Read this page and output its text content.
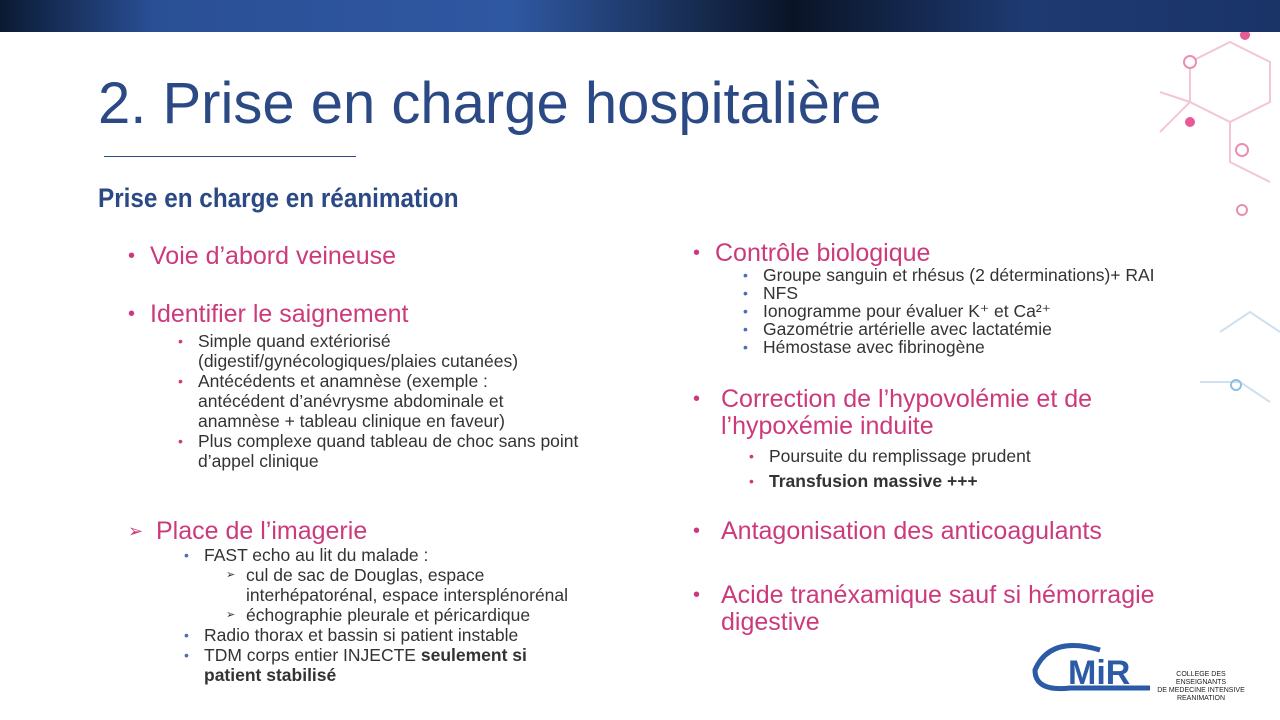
2. Prise en charge hospitalière
Prise en charge en réanimation
• Voie d’abord veineuse
• Identifier le saignement
• Simple quand extériorisé
(digestif/gynécologiques/plaies cutanées)
• Antécédents et anamnèse (exemple :
antécédent d’anévrysme abdominale et
anamnèse + tableau clinique en faveur)
• Plus complexe quand tableau de choc sans point
d’appel clinique
➢ Place de l’imagerie
• FAST echo au lit du malade :
➢ cul de sac de Douglas, espace
interhépatorénal, espace intersplénorénal
➢ échographie pleurale et péricardique
• Radio thorax et bassin si patient instable
• TDM corps entier INJECTE seulement si
patient stabilisé
• Contrôle biologique
• Groupe sanguin et rhésus (2 déterminations)+ RAI
• NFS
• Ionogramme pour évaluer K⁺ et Ca²⁺
• Gazométrie artérielle avec lactatémie
• Hémostase avec fibrinogène
• Correction de l’hypovolémie et de
l’hypoxémie induite
• Poursuite du remplissage prudent
• Transfusion massive +++
• Antagonisation des anticoagulants
• Acide tranéxamique sauf si hémorragie
digestive
MiR	COLLEGE DES ENSEIGNANTS
DE MEDECINE INTENSIVE
REANIMATION
